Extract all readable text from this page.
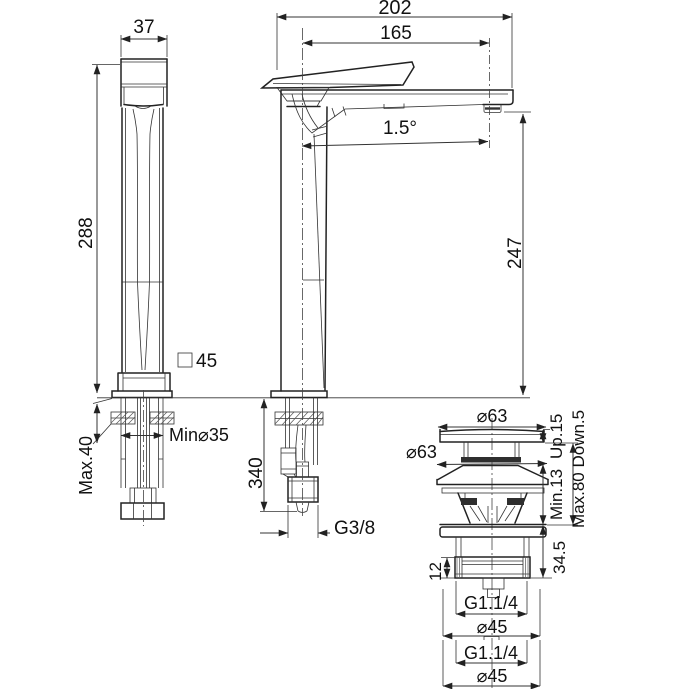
37
288
Max.40
Min⌀35
45
202
165
1.5°
247
340
G3/8
⌀63
⌀63	Up.15
Min.13
34.5
Max.80 Down.5
12
G1.1/4
⌀45
G1.1/4
⌀45
